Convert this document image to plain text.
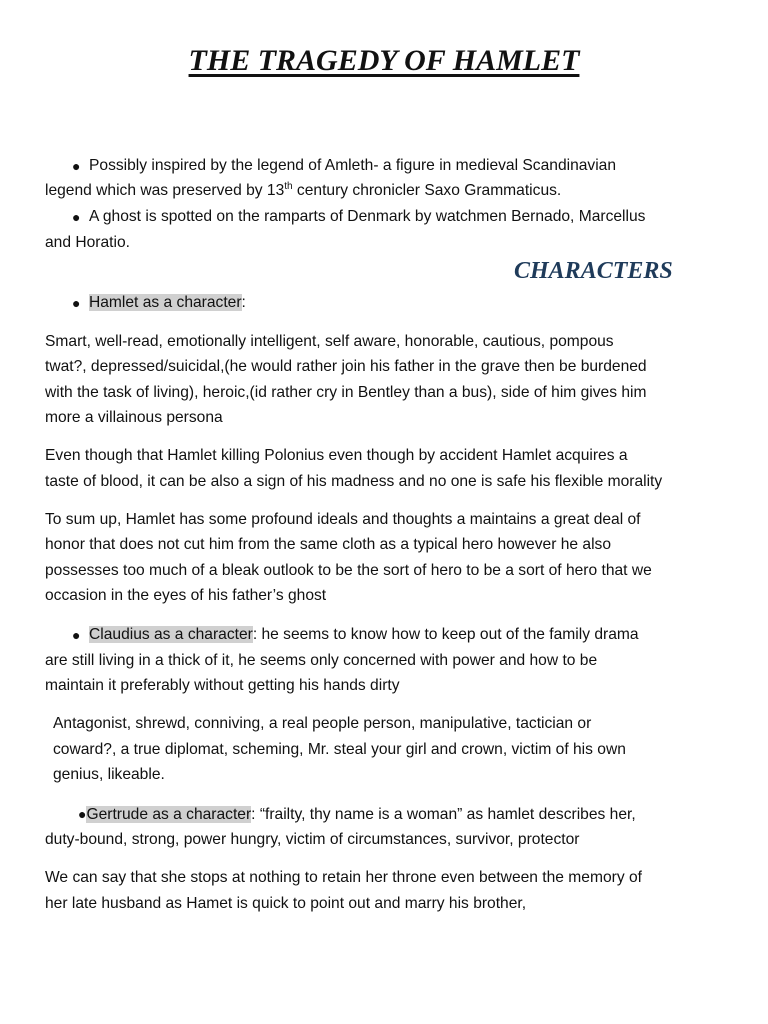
THE TRAGEDY OF HAMLET

● Possibly inspired by the legend of Amleth- a figure in medieval Scandinavian

legend which was preserved by 13th century chronicler Saxo Grammaticus.

● A ghost is spotted on the ramparts of Denmark by watchmen Bernado, Marcellus

and Horatio.

CHARACTERS

● Hamlet as a character:

Smart, well-read, emotionally intelligent, self aware, honorable, cautious, pompous

twat?, depressed/suicidal,(he would rather join his father in the grave then be burdened

with the task of living), heroic,(id rather cry in Bentley than a bus), side of him gives him

more a villainous persona

Even though that Hamlet killing Polonius even though by accident Hamlet acquires a

taste of blood, it can be also a sign of his madness and no one is safe his flexible morality

To sum up, Hamlet has some profound ideals and thoughts a maintains a great deal of

honor that does not cut him from the same cloth as a typical hero however he also

possesses too much of a bleak outlook to be the sort of hero to be a sort of hero that we

occasion in the eyes of his father’s ghost

● Claudius as a character: he seems to know how to keep out of the family drama

are still living in a thick of it, he seems only concerned with power and how to be

maintain it preferably without getting his hands dirty

Antagonist, shrewd, conniving, a real people person, manipulative, tactician or

coward?, a true diplomat, scheming, Mr. steal your girl and crown, victim of his own

genius, likeable.

●Gertrude as a character: “frailty, thy name is a woman” as hamlet describes her,

duty-bound, strong, power hungry, victim of circumstances, survivor, protector

We can say that she stops at nothing to retain her throne even between the memory of

her late husband as Hamet is quick to point out and marry his brother,
